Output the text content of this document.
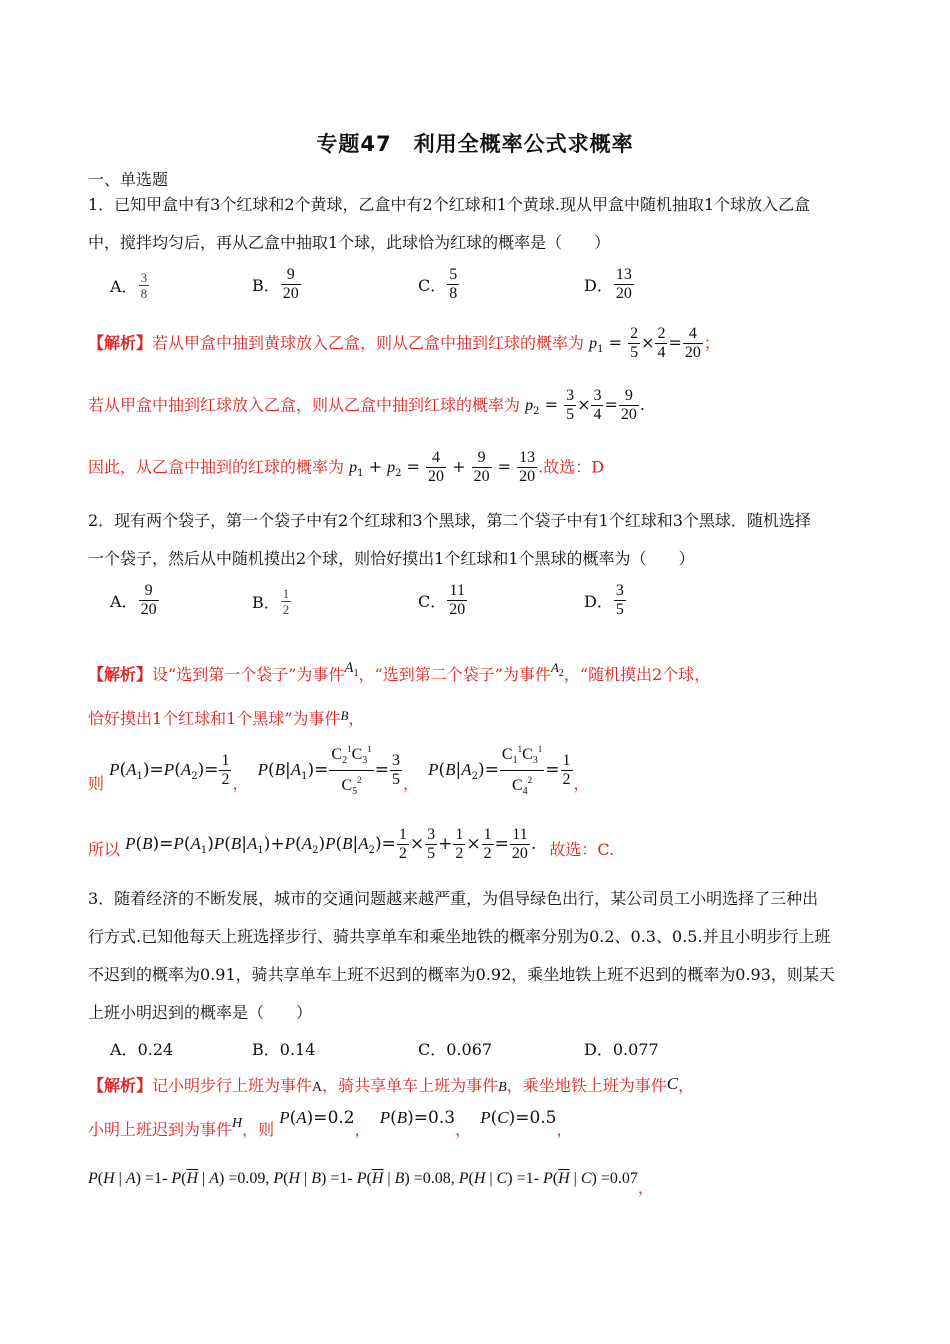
专题47　利用全概率公式求概率
一、单选题
1．已知甲盒中有3个红球和2个黄球，乙盒中有2个红球和1个黄球.现从甲盒中随机抽取1个球放入乙盒
中，搅拌均匀后，再从乙盒中抽取1个球，此球恰为红球的概率是（　　）
A． $\frac{3}{8}$	B． $\frac{9}{20}$	C． $\frac{5}{8}$	D． $\frac{13}{20}$
【解析】若从甲盒中抽到黄球放入乙盒，则从乙盒中抽到红球的概率为 $p_1 = \frac{2}{5} \times \frac{2}{4} = \frac{4}{20}$ ；
若从甲盒中抽到红球放入乙盒，则从乙盒中抽到红球的概率为 $p_2 = \frac{3}{5} \times \frac{3}{4} = \frac{9}{20}$ .
因此，从乙盒中抽到的红球的概率为 $p_1 + p_2 = \frac{4}{20} + \frac{9}{20} = \frac{13}{20}$ .故选：D
2．现有两个袋子，第一个袋子中有2个红球和3个黑球，第二个袋子中有1个红球和3个黑球．随机选择
一个袋子，然后从中随机摸出2个球，则恰好摸出1个红球和1个黑球的概率为（　　）
A． $\frac{9}{20}$	B． $\frac{1}{2}$	C． $\frac{11}{20}$	D． $\frac{3}{5}$
【解析】设“选到第一个袋子”为事件$A_1$，“选到第二个袋子”为事件$^{A_2}$，“随机摸出2个球，
恰好摸出1个红球和1个黑球”为事件$^B$，
则 $P(A_1)=P(A_2)= \frac{1}{2}$ ， $P(B|A_1)= \frac{C_2^1C_3^1}{C_5^2} = \frac{3}{5}$ ， $P(B|A_2)= \frac{C_1^1C_3^1}{C_4^2} = \frac{1}{2}$ ，
所以 $P(B)=P(A_1)P(B|A_1)+P(A_2)P(B|A_2)= \frac{1}{2} \times \frac{3}{5} + \frac{1}{2} \times \frac{1}{2} = \frac{11}{20}$ . 故选：C.
3．随着经济的不断发展，城市的交通问题越来越严重，为倡导绿色出行，某公司员工小明选择了三种出
行方式.已知他每天上班选择步行、骑共享单车和乘坐地铁的概率分别为0.2、0.3、0.5.并且小明步行上班
不迟到的概率为0.91，骑共享单车上班不迟到的概率为0.92，乘坐地铁上班不迟到的概率为0.93，则某天
上班小明迟到的概率是（　　）
A．0.24	B．0.14	C．0.067	D．0.077
【解析】记小明步行上班为事件A，骑共享单车上班为事件B，乘坐地铁上班为事件C，
小明上班迟到为事件H，则 P(A)=0.2， P(B)=0.3， P(C)=0.5，
P(H | A) =1- $P(\overline{H}$ | A) =0.09, P(H | B) =1- $P(\overline{H}$ | B) =0.08, P(H | C) =1- $P(\overline{H}$ | C) =0.07，
